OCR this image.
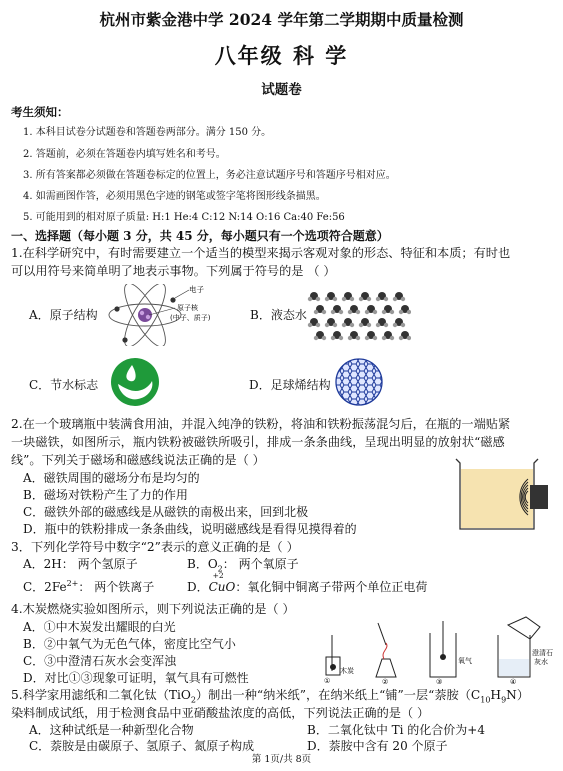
杭州市紫金港中学 2024 学年第二学期期中质量检测
八年级 科 学
试题卷
考生须知：
1. 本科目试卷分试题卷和答题卷两部分。满分 150 分。
2. 答题前，必须在答题卷内填写姓名和考号。
3. 所有答案都必须做在答题卷标定的位置上，务必注意试题序号和答题序号相对应。
4. 如需画图作答，必须用黑色字迹的钢笔或签字笔将图形线条描黑。
5. 可能用到的相对原子质量: H:1 He:4 C:12 N:14 O:16 Ca:40 Fe:56
一、选择题（每小题 3 分，共 45 分，每小题只有一个选项符合题意）
1.在科学研究中，有时需要建立一个适当的模型来揭示客观对象的形态、特征和本质；有时也
可以用符号来简单明了地表示事物。下列属于符号的是 （ ）
A．原子结构
电子
原子核
(中子、质子)	B．液态水
C．节水标志	D．足球烯结构
2.在一个玻璃瓶中装满食用油，并混入纯净的铁粉，将油和铁粉振荡混匀后，在瓶的一端贴紧
一块磁铁，如图所示，瓶内铁粉被磁铁所吸引，排成一条条曲线，呈现出明显的放射状“磁感
线”。下列关于磁场和磁感线说法正确的是（ ）
A．磁铁周围的磁场分布是均匀的
B．磁场对铁粉产生了力的作用
C．磁铁外部的磁感线是从磁铁的南极出来，回到北极
D．瓶中的铁粉排成一条条曲线，说明磁感线是看得见摸得着的
3．下列化学符号中数字“2”表示的意义正确的是（ ）
A．2H： 两个氢原子	B．$O_2$： 两个氧原子
C．$2Fe^{2+}$： 两个铁离子	D．
+2
CuO：氧化铜中铜离子带两个单位正电荷
4.木炭燃烧实验如图所示，则下列说法正确的是（ ）
A．①中木炭发出耀眼的白光
B．②中氧气为无色气体，密度比空气小
C．③中澄清石灰水会变浑浊
D．对比①③现象可证明，氧气具有可燃性	木炭
①	②
氧气
③
澄清石
灰水
④
5.科学家用滤纸和二氧化钛（TiO$_2$）制出一种“纳米纸”，在纳米纸上“铺”一层“萘胺$(C_{10}H_9N)$
染料制成试纸，用于检测食品中亚硝酸盐浓度的高低，下列说法正确的是（ ）
A．这种试纸是一种新型化合物	B．二氧化钛中 Ti 的化合价为+4
C．萘胺是由碳原子、氢原子、氮原子构成	D．萘胺中含有 20 个原子
第 1页/共 8页
